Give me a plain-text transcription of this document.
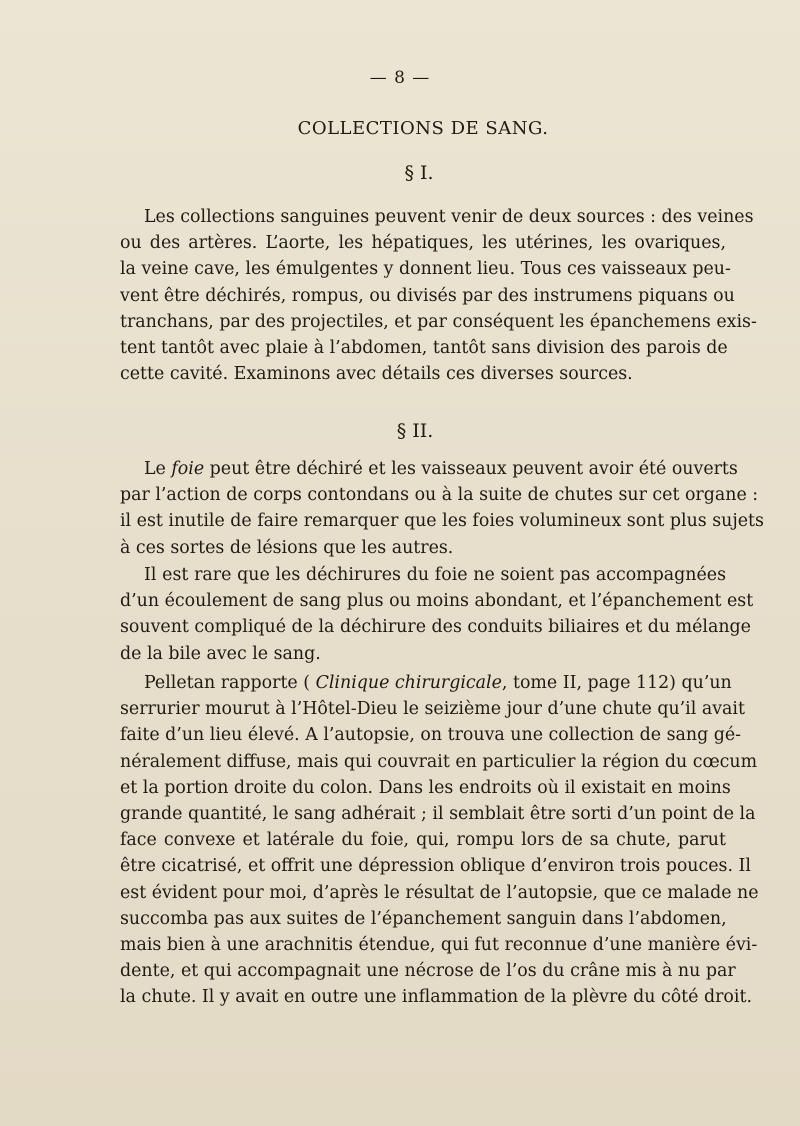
— 8 —
COLLECTIONS DE SANG.
§ I.
Les collections sanguines peuvent venir de deux sources : des veines
ou des artères. L’aorte, les hépatiques, les utérines, les ovariques,
la veine cave, les émulgentes y donnent lieu. Tous ces vaisseaux peu-
vent être déchirés, rompus, ou divisés par des instrumens piquans ou
tranchans, par des projectiles, et par conséquent les épanchemens exis-
tent tantôt avec plaie à l’abdomen, tantôt sans division des parois de
cette cavité. Examinons avec détails ces diverses sources.
§ II.
Le foie peut être déchiré et les vaisseaux peuvent avoir été ouverts
par l’action de corps contondans ou à la suite de chutes sur cet organe :
il est inutile de faire remarquer que les foies volumineux sont plus sujets
à ces sortes de lésions que les autres.
Il est rare que les déchirures du foie ne soient pas accompagnées
d’un écoulement de sang plus ou moins abondant, et l’épanchement est
souvent compliqué de la déchirure des conduits biliaires et du mélange
de la bile avec le sang.
Pelletan rapporte ( Clinique chirurgicale, tome II, page 112) qu’un
serrurier mourut à l’Hôtel-Dieu le seizième jour d’une chute qu’il avait
faite d’un lieu élevé. A l’autopsie, on trouva une collection de sang gé-
néralement diffuse, mais qui couvrait en particulier la région du cœcum
et la portion droite du colon. Dans les endroits où il existait en moins
grande quantité, le sang adhérait ; il semblait être sorti d’un point de la
face convexe et latérale du foie, qui, rompu lors de sa chute, parut
être cicatrisé, et offrit une dépression oblique d’environ trois pouces. Il
est évident pour moi, d’après le résultat de l’autopsie, que ce malade ne
succomba pas aux suites de l’épanchement sanguin dans l’abdomen,
mais bien à une arachnitis étendue, qui fut reconnue d’une manière évi-
dente, et qui accompagnait une nécrose de l’os du crâne mis à nu par
la chute. Il y avait en outre une inflammation de la plèvre du côté droit.
